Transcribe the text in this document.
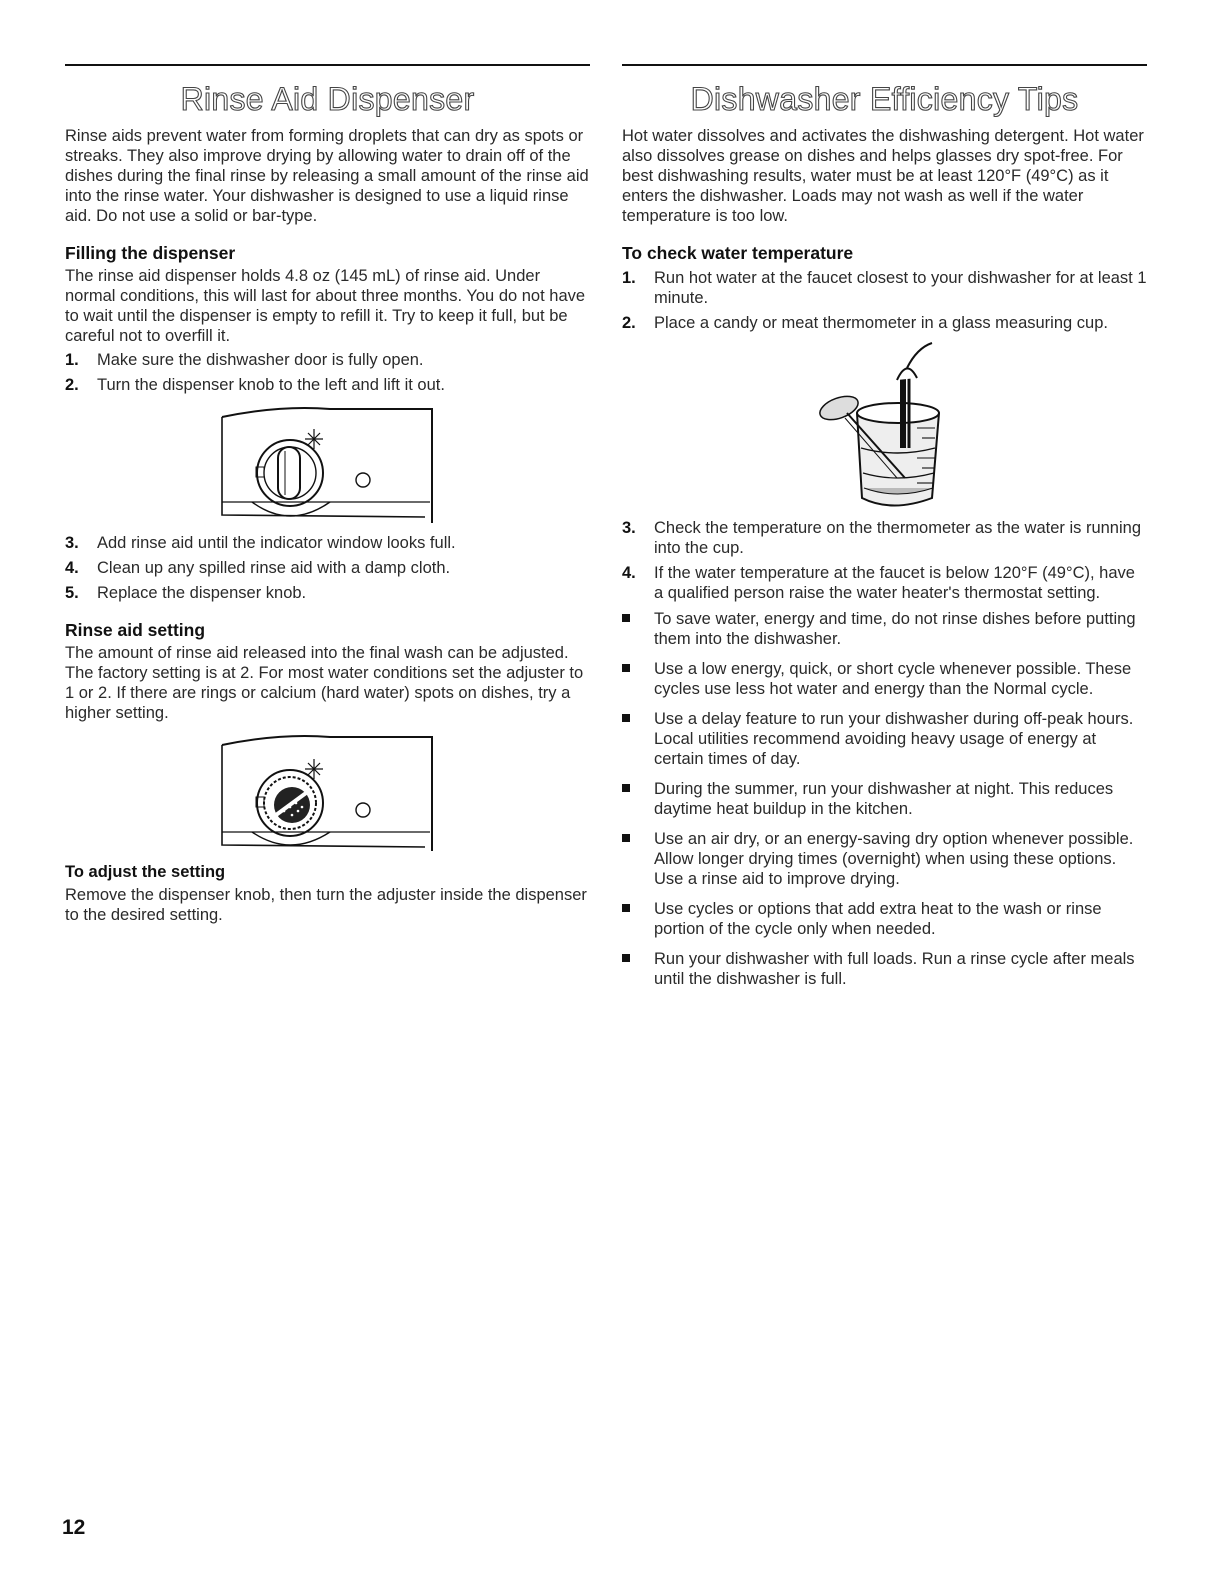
Rinse Aid Dispenser

Rinse aids prevent water from forming droplets that can dry as spots or streaks. They also improve drying by allowing water to drain off of the dishes during the final rinse by releasing a small amount of the rinse aid into the rinse water. Your dishwasher is designed to use a liquid rinse aid. Do not use a solid or bar-type.

Filling the dispenser

The rinse aid dispenser holds 4.8 oz (145 mL) of rinse aid. Under normal conditions, this will last for about three months. You do not have to wait until the dispenser is empty to refill it. Try to keep it full, but be careful not to overfill it.

1. Make sure the dishwasher door is fully open.
2. Turn the dispenser knob to the left and lift it out.
3. Add rinse aid until the indicator window looks full.
4. Clean up any spilled rinse aid with a damp cloth.
5. Replace the dispenser knob.
Rinse aid setting

The amount of rinse aid released into the final wash can be adjusted. The factory setting is at 2. For most water conditions set the adjuster to 1 or 2. If there are rings or calcium (hard water) spots on dishes, try a higher setting.

To adjust the setting

Remove the dispenser knob, then turn the adjuster inside the dispenser to the desired setting.

Dishwasher Efficiency Tips

Hot water dissolves and activates the dishwashing detergent. Hot water also dissolves grease on dishes and helps glasses dry spot-free. For best dishwashing results, water must be at least 120°F (49°C) as it enters the dishwasher. Loads may not wash as well if the water temperature is too low.

To check water temperature
1. Run hot water at the faucet closest to your dishwasher for at least 1 minute.
2. Place a candy or meat thermometer in a glass measuring cup.
3. Check the temperature on the thermometer as the water is running into the cup.
4. If the water temperature at the faucet is below 120°F (49°C), have a qualified person raise the water heater's thermostat setting.
To save water, energy and time, do not rinse dishes before putting them into the dishwasher.
Use a low energy, quick, or short cycle whenever possible. These cycles use less hot water and energy than the Normal cycle.
Use a delay feature to run your dishwasher during off-peak hours. Local utilities recommend avoiding heavy usage of energy at certain times of day.
During the summer, run your dishwasher at night. This reduces daytime heat buildup in the kitchen.
Use an air dry, or an energy-saving dry option whenever possible. Allow longer drying times (overnight) when using these options. Use a rinse aid to improve drying.
Use cycles or options that add extra heat to the wash or rinse portion of the cycle only when needed.
Run your dishwasher with full loads. Run a rinse cycle after meals until the dishwasher is full.
12
